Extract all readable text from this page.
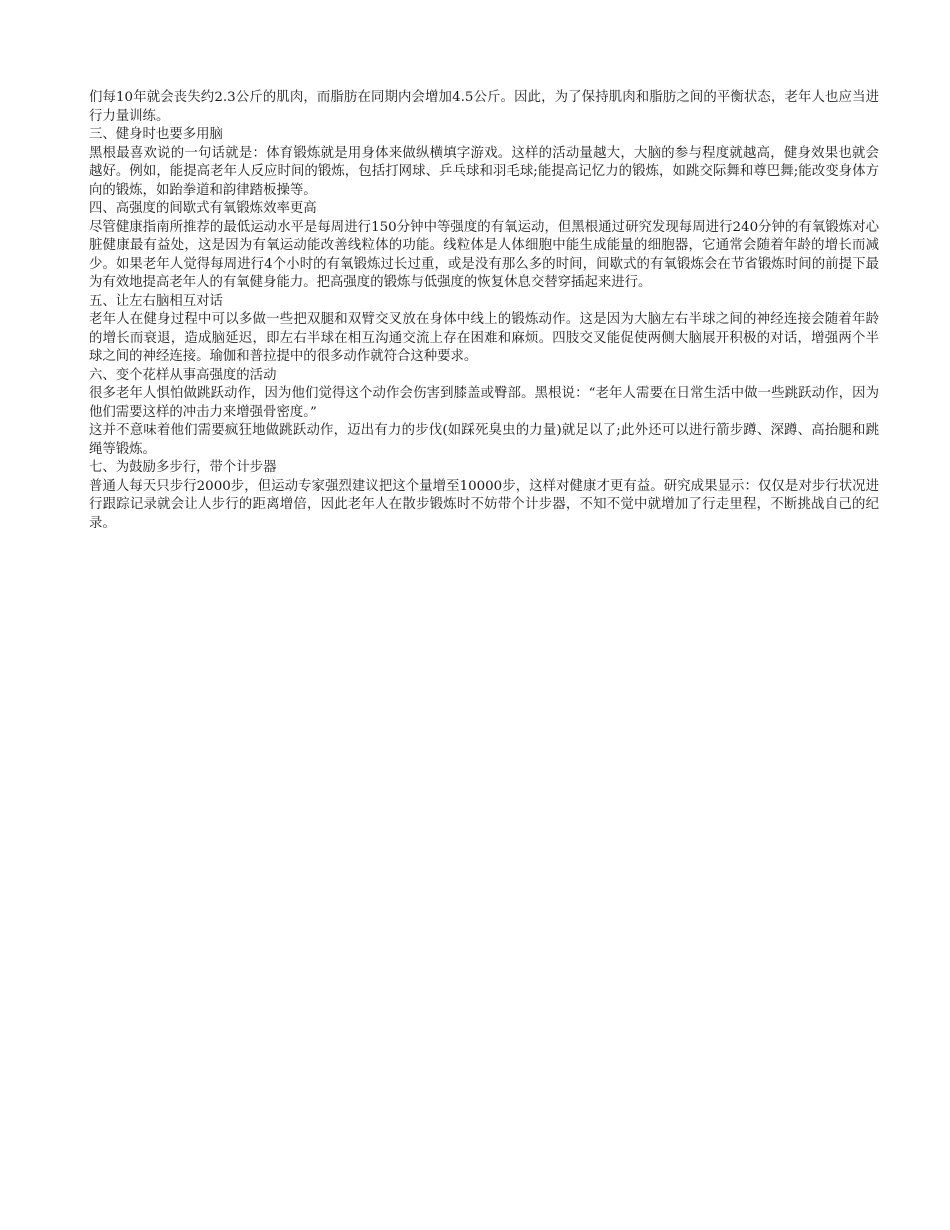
们每10年就会丧失约2.3公斤的肌肉，而脂肪在同期内会增加4.5公斤。因此，为了保持肌肉和脂肪之间的平衡状态，老年人也应当进行力量训练。

三、健身时也要多用脑

黑根最喜欢说的一句话就是：体育锻炼就是用身体来做纵横填字游戏。这样的活动量越大，大脑的参与程度就越高，健身效果也就会越好。例如，能提高老年人反应时间的锻炼，包括打网球、乒乓球和羽毛球;能提高记忆力的锻炼，如跳交际舞和尊巴舞;能改变身体方向的锻炼，如跆拳道和韵律踏板操等。

四、高强度的间歇式有氧锻炼效率更高

尽管健康指南所推荐的最低运动水平是每周进行150分钟中等强度的有氧运动，但黑根通过研究发现每周进行240分钟的有氧锻炼对心脏健康最有益处，这是因为有氧运动能改善线粒体的功能。线粒体是人体细胞中能生成能量的细胞器，它通常会随着年龄的增长而减少。如果老年人觉得每周进行4个小时的有氧锻炼过长过重，或是没有那么多的时间，间歇式的有氧锻炼会在节省锻炼时间的前提下最为有效地提高老年人的有氧健身能力。把高强度的锻炼与低强度的恢复休息交替穿插起来进行。

五、让左右脑相互对话

老年人在健身过程中可以多做一些把双腿和双臂交叉放在身体中线上的锻炼动作。这是因为大脑左右半球之间的神经连接会随着年龄的增长而衰退，造成脑延迟，即左右半球在相互沟通交流上存在困难和麻烦。四肢交叉能促使两侧大脑展开积极的对话，增强两个半球之间的神经连接。瑜伽和普拉提中的很多动作就符合这种要求。

六、变个花样从事高强度的活动

很多老年人惧怕做跳跃动作，因为他们觉得这个动作会伤害到膝盖或臀部。黑根说：“老年人需要在日常生活中做一些跳跃动作，因为他们需要这样的冲击力来增强骨密度。”

这并不意味着他们需要疯狂地做跳跃动作，迈出有力的步伐(如踩死臭虫的力量)就足以了;此外还可以进行箭步蹲、深蹲、高抬腿和跳绳等锻炼。

七、为鼓励多步行，带个计步器

普通人每天只步行2000步，但运动专家强烈建议把这个量增至10000步，这样对健康才更有益。研究成果显示：仅仅是对步行状况进行跟踪记录就会让人步行的距离增倍，因此老年人在散步锻炼时不妨带个计步器，不知不觉中就增加了行走里程，不断挑战自己的纪录。
